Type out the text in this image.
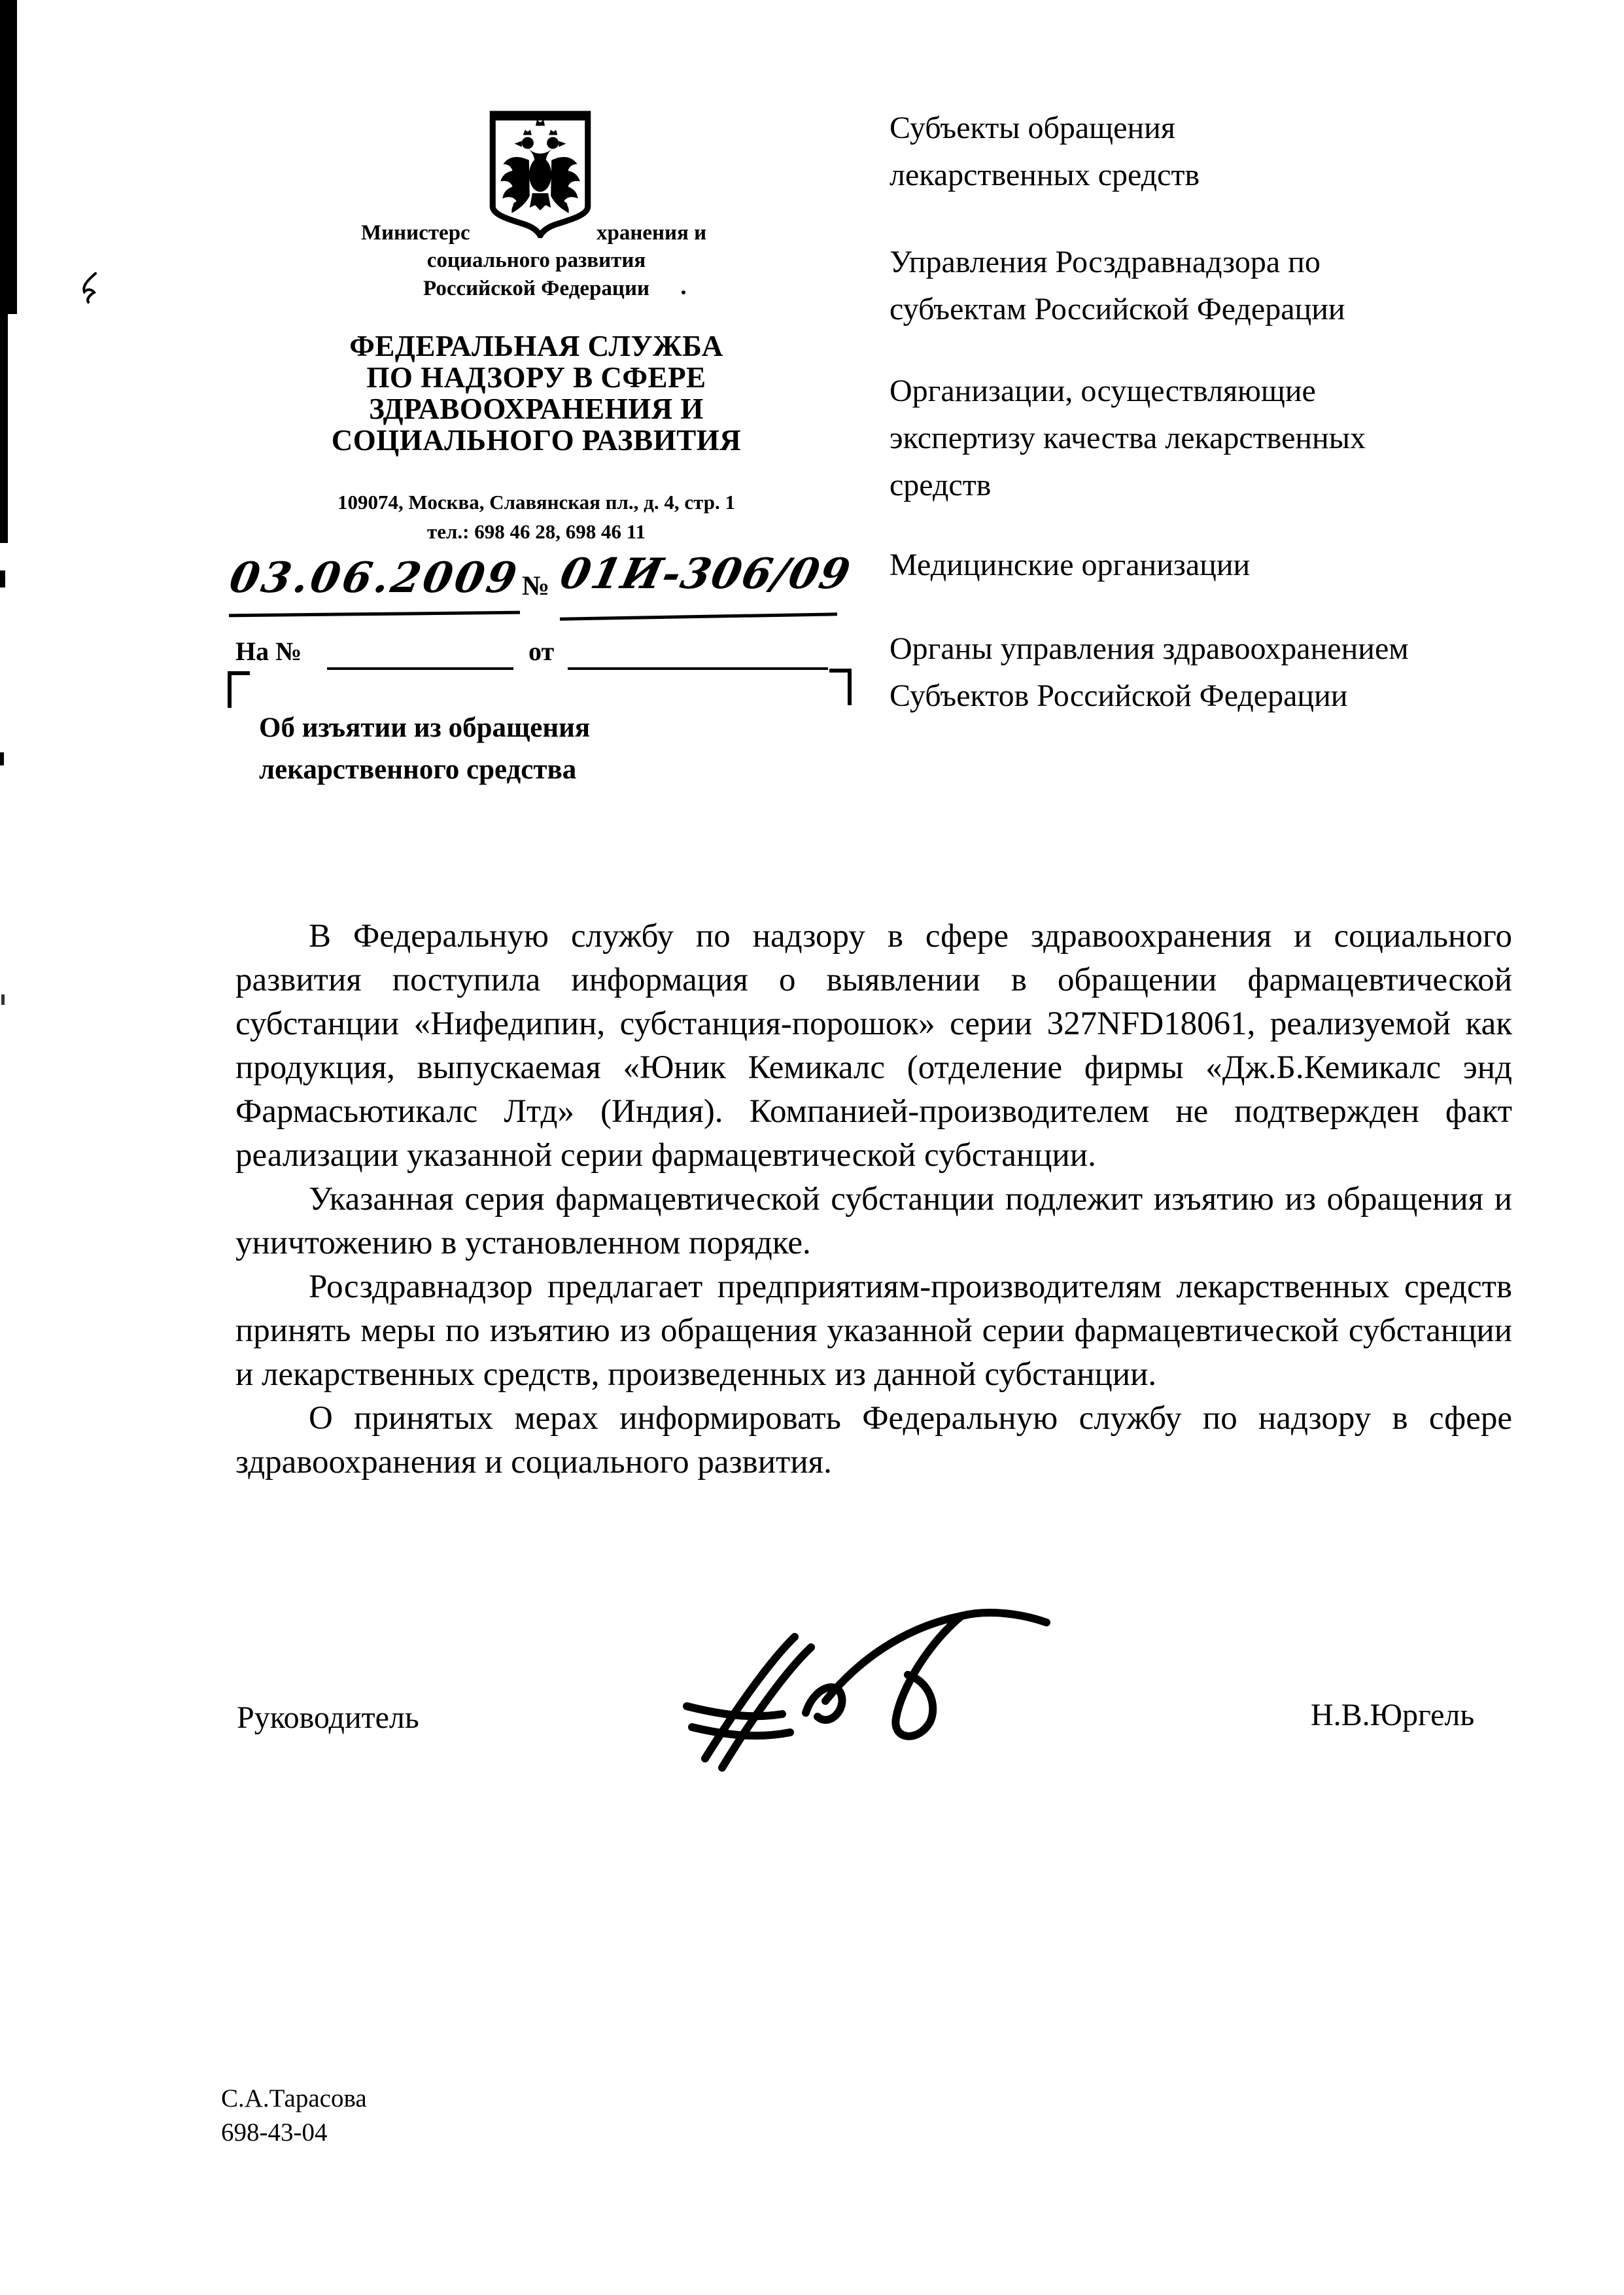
Министерс	хранения и
социального развития
Российской Федерации
ФЕДЕРАЛЬНАЯ СЛУЖБА
ПО НАДЗОРУ В СФЕРЕ
ЗДРАВООХРАНЕНИЯ И
СОЦИАЛЬНОГО РАЗВИТИЯ
109074, Москва, Славянская пл., д. 4, стр. 1
тел.: 698 46 28, 698 46 11
03.06.2009
№ 01И-306/09
На №	от
Об изъятии из обращения
лекарственного средства
Субъекты обращения
лекарственных средств
Управления Росздравнадзора по
субъектам Российской Федерации
Организации, осуществляющие
экспертизу качества лекарственных
средств
Медицинские организации
Органы управления здравоохранением
Субъектов Российской Федерации

В Федеральную службу по надзору в сфере здравоохранения и социального развития поступила информация о выявлении в обращении фармацевтической субстанции «Нифедипин, субстанция-порошок» серии 327NFD18061, реализуемой как продукция, выпускаемая «Юник Кемикалс (отделение фирмы «Дж.Б.Кемикалс энд Фармасьютикалс Лтд» (Индия). Компанией-производителем не подтвержден факт реализации указанной серии фармацевтической субстанции.

Указанная серия фармацевтической субстанции подлежит изъятию из обращения и уничтожению в установленном порядке.

Росздравнадзор предлагает предприятиям-производителям лекарственных средств принять меры по изъятию из обращения указанной серии фармацевтической субстанции и лекарственных средств, произведенных из данной субстанции.

О принятых мерах информировать Федеральную службу по надзору в сфере здравоохранения и социального развития.

Руководитель	Н.В.Юргель
С.А.Тарасова
698-43-04
